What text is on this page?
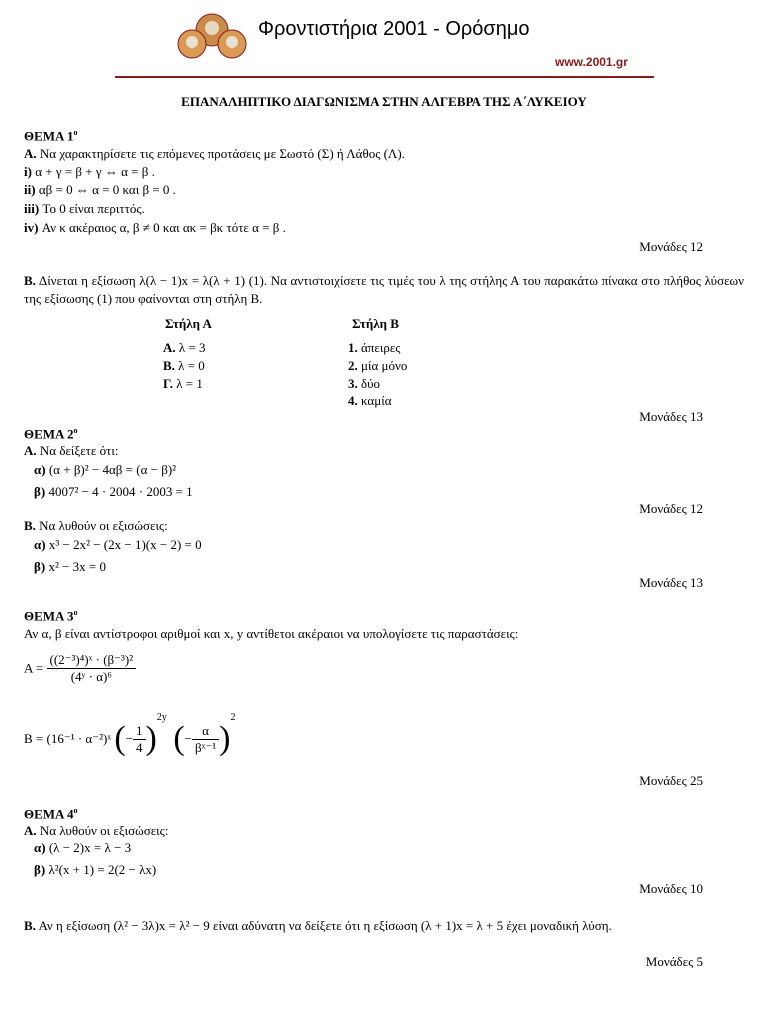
Φροντιστήρια 2001 - Ορόσημο
www.2001.gr
ΕΠΑΝΑΛΗΠΤΙΚΟ ΔΙΑΓΩΝΙΣΜΑ ΣΤΗΝ ΑΛΓΕΒΡΑ ΤΗΣ Α΄ΛΥΚΕΙΟΥ
ΘΕΜΑ $1^o$
Α. Να χαρακτηρίσετε τις επόμενες προτάσεις με Σωστό (Σ) ή Λάθος (Λ).
i) α + γ = β + γ ⇔ α = β .
ii) αβ = 0 ⇔ α = 0 και β = 0 .
iii) Το 0 είναι περιττός.
iv) Αν κ ακέραιος α, β ≠ 0 και ακ = βκ τότε α = β .
Μονάδες 12
Β. Δίνεται η εξίσωση λ(λ − 1)x = λ(λ + 1) (1). Να αντιστοιχίσετε τις τιμές του λ της στήλης Α του παρακάτω πίνακα στο πλήθος λύσεων της εξίσωσης (1) που φαίνονται στη στήλη Β.
Στήλη Α	Στήλη Β
Α. λ = 3
Β. λ = 0
Γ. λ = 1
1. άπειρες
2. μία μόνο
3. δύο
4. καμία
Μονάδες 13
ΘΕΜΑ $2^o$
Α. Να δείξετε ότι:
α) (α + β)² − 4αβ = (α − β)²
β) 4007² − 4 · 2004 · 2003 = 1
Μονάδες 12
Β. Να λυθούν οι εξισώσεις:
α) x³ − 2x² − (2x − 1)(x − 2) = 0
β) x² − 3x = 0
Μονάδες 13
ΘΕΜΑ $3^o$
Αν α, β είναι αντίστροφοι αριθμοί και x, y αντίθετοι ακέραιοι να υπολογίσετε τις παραστάσεις:
$A = \frac{\text{((2⁻³)⁴)ˣ · (β⁻³)²}}{\text{(4ʸ · α)⁶}}$
Β = (16⁻¹ · α⁻²)ˣ (− $\frac{1}{4} )^{2y}$  (− $\frac{\alpha}{\text{βˣ⁻¹}} )^2$
Μονάδες 25
ΘΕΜΑ $4^o$
Α. Να λυθούν οι εξισώσεις:
α) (λ − 2)x = λ − 3
β) λ²(x + 1) = 2(2 − λx)
Μονάδες 10
Β. Αν η εξίσωση (λ² − 3λ)x = λ² − 9 είναι αδύνατη να δείξετε ότι η εξίσωση (λ + 1)x = λ + 5 έχει μοναδική λύση.
Μονάδες 5
